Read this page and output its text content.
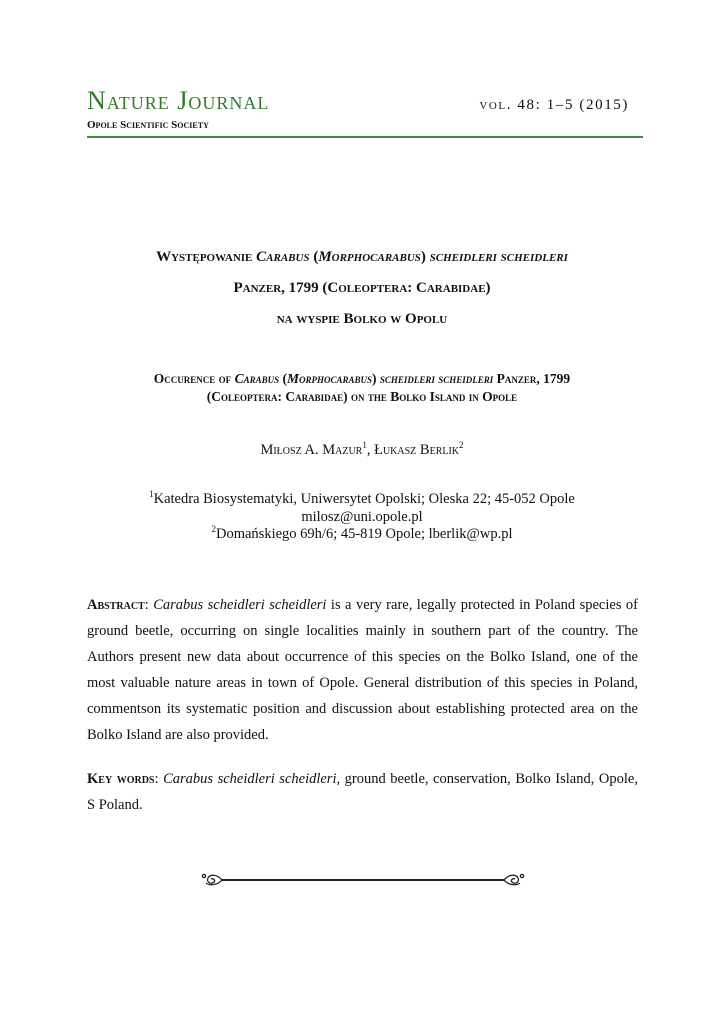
Nature Journal	vol. 48: 1–5 (2015)
Opole Scientific Society
Występowanie Carabus (Morphocarabus) scheidleri scheidleri
Panzer, 1799 (Coleoptera: Carabidae)
na wyspie Bolko w Opolu
Occurence of Carabus (Morphocarabus) scheidleri scheidleri Panzer, 1799
(Coleoptera: Carabidae) on the Bolko Island in Opole
Miłosz A. Mazur$^1$, Łukasz Berlik$^2$
$^1$Katedra Biosystematyki, Uniwersytet Opolski; Oleska 22; 45-052 Opole
milosz@uni.opole.pl
$^2$Domańskiego 69h/6; 45-819 Opole; lberlik@wp.pl
Abstract: Carabus scheidleri scheidleri is a very rare, legally protected in Poland species of ground beetle, occurring on single localities mainly in southern part of the country. The Authors present new data about occurrence of this species on the Bolko Island, one of the most valuable nature areas in town of Opole. General distribution of this species in Poland, commentson its systematic position and discussion about establishing protected area on the Bolko Island are also provided.
Key words: Carabus scheidleri scheidleri, ground beetle, conservation, Bolko Island, Opole, S Poland.
